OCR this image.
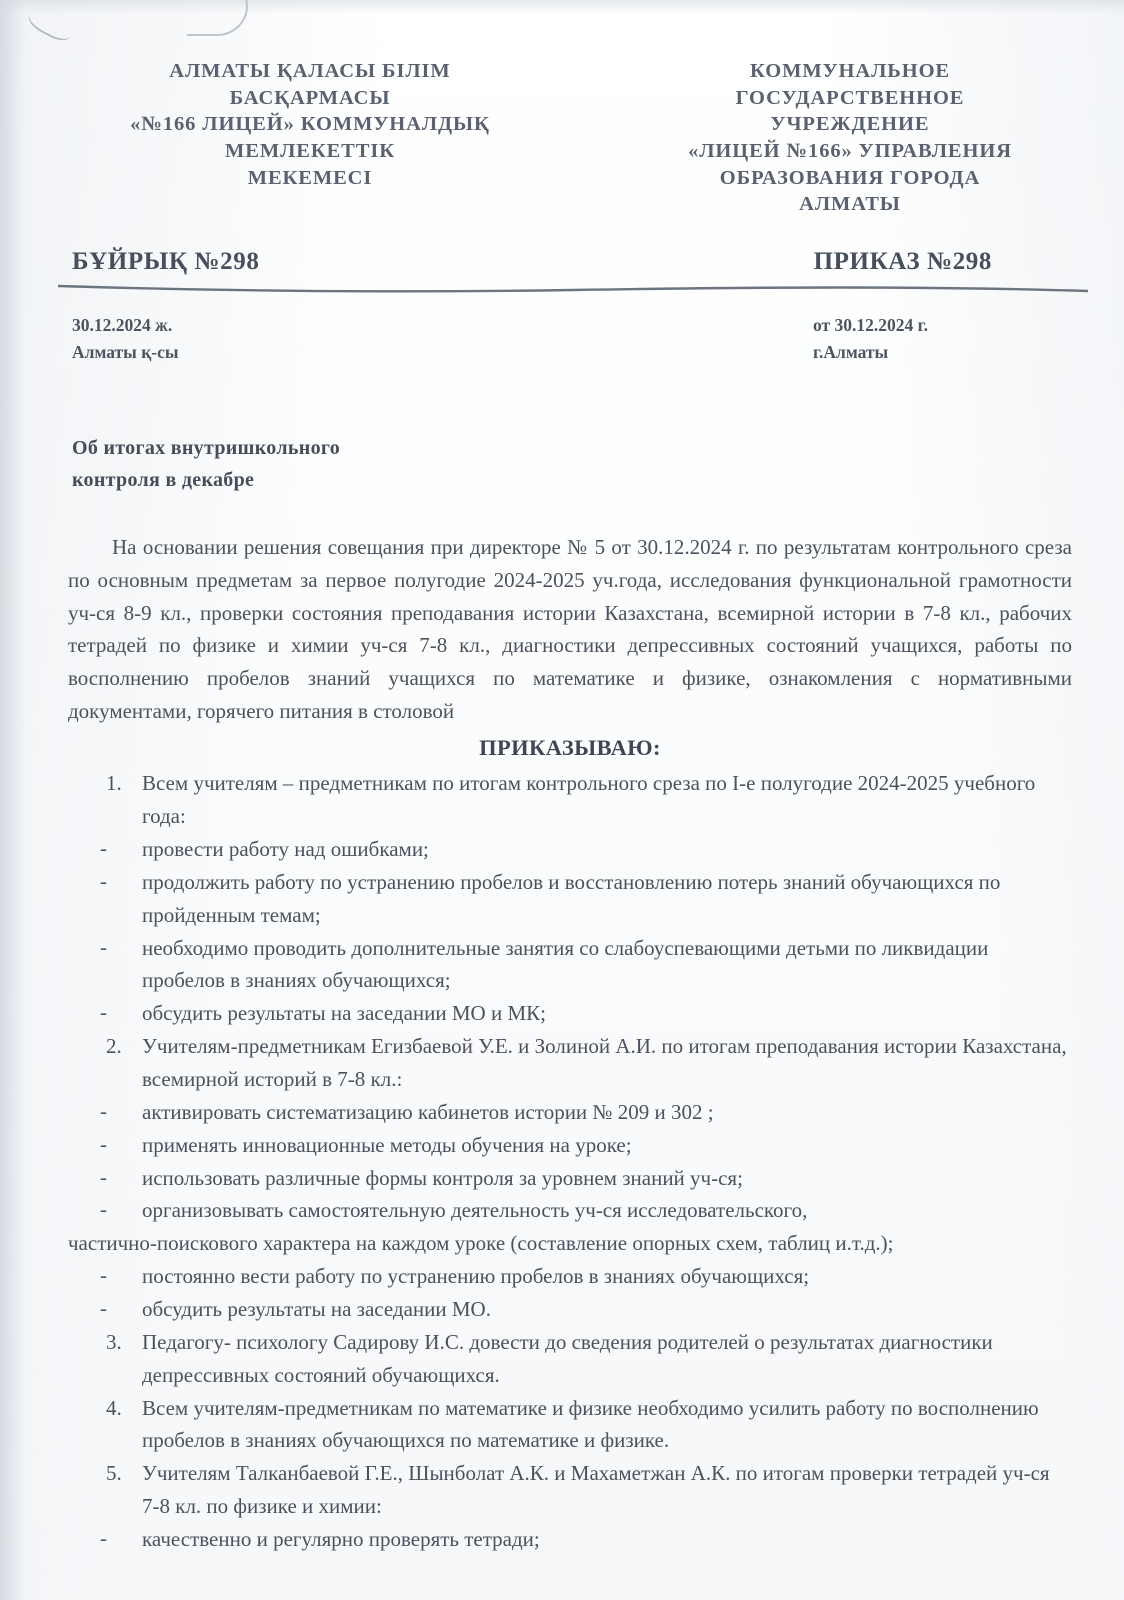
АЛМАТЫ ҚАЛАСЫ БІЛІМ
БАСҚАРМАСЫ
«№166 ЛИЦЕЙ» КОММУНАЛДЫҚ
МЕМЛЕКЕТТІК
МЕКЕМЕСІ
КОММУНАЛЬНОЕ
ГОСУДАРСТВЕННОЕ
УЧРЕЖДЕНИЕ
«ЛИЦЕЙ №166» УПРАВЛЕНИЯ
ОБРАЗОВАНИЯ ГОРОДА
АЛМАТЫ
БҰЙРЫҚ №298	ПРИКАЗ №298
30.12.2024 ж.
Алматы қ-сы
от 30.12.2024 г.
г.Алматы
Об итогах внутришкольного
контроля в декабре

На основании решения совещания при директоре № 5 от 30.12.2024 г. по результатам контрольного среза по основным предметам за первое полугодие 2024-2025 уч.года, исследования функциональной грамотности уч-ся 8-9 кл., проверки состояния преподавания истории Казахстана, всемирной истории в 7-8 кл., рабочих тетрадей по физике и химии уч-ся 7-8 кл., диагностики депрессивных состояний учащихся, работы по восполнению пробелов знаний учащихся по математике и физике, ознакомления с нормативными документами, горячего питания в столовой

ПРИКАЗЫВАЮ:
1. Всем учителям – предметникам по итогам контрольного среза по I-е полугодие 2024-2025 учебного года:
- провести работу над ошибками;
- продолжить работу по устранению пробелов и восстановлению потерь знаний обучающихся по пройденным темам;
- необходимо проводить дополнительные занятия со слабоуспевающими детьми по ликвидации пробелов в знаниях обучающихся;
- обсудить результаты на заседании МО и МК;
2. Учителям-предметникам Егизбаевой У.Е. и Золиной А.И. по итогам преподавания истории Казахстана, всемирной историй в 7-8 кл.:
- активировать систематизацию кабинетов истории № 209 и 302 ;
- применять инновационные методы обучения на уроке;
- использовать различные формы контроля за уровнем знаний уч-ся;
- организовывать самостоятельную деятельность уч-ся исследовательского,

частично-поискового характера на каждом уроке (составление опорных схем, таблиц и.т.д.);

- постоянно вести работу по устранению пробелов в знаниях обучающихся;
- обсудить результаты на заседании МО.
3. Педагогу- психологу Садирову И.С. довести до сведения родителей о результатах диагностики депрессивных состояний обучающихся.
4. Всем учителям-предметникам по математике и физике необходимо усилить работу по восполнению пробелов в знаниях обучающихся по математике и физике.
5. Учителям Талканбаевой Г.Е., Шынболат А.К. и Махаметжан А.К. по итогам проверки тетрадей уч-ся 7-8 кл. по физике и химии:
- качественно и регулярно проверять тетради;
